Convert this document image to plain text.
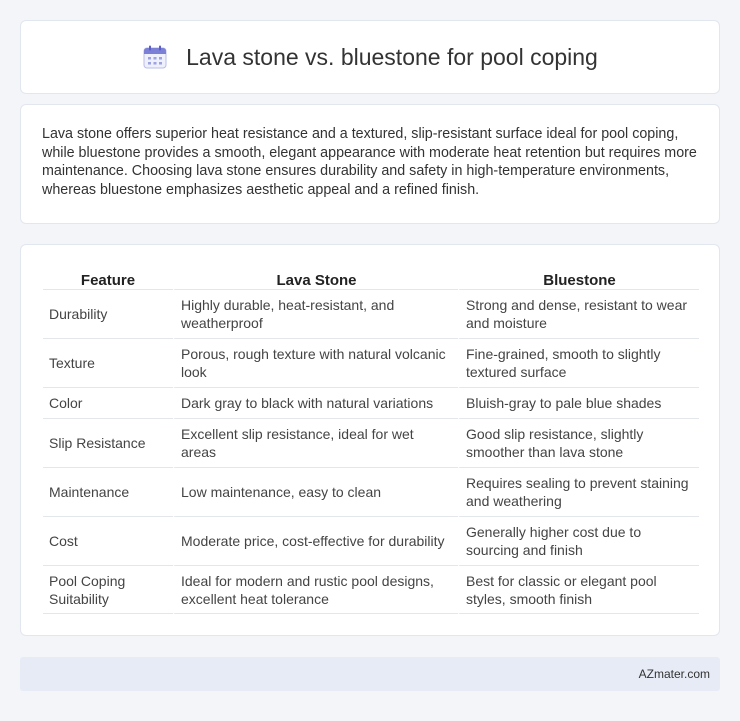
Lava stone vs. bluestone for pool coping

Lava stone offers superior heat resistance and a textured, slip-resistant surface ideal for pool coping, while bluestone provides a smooth, elegant appearance with moderate heat retention but requires more maintenance. Choosing lava stone ensures durability and safety in high-temperature environments, whereas bluestone emphasizes aesthetic appeal and a refined finish.

Feature	Lava Stone	Bluestone
Durability	Highly durable, heat-resistant, and weatherproof	Strong and dense, resistant to wear and moisture
Texture	Porous, rough texture with natural volcanic look	Fine-grained, smooth to slightly textured surface
Color	Dark gray to black with natural variations	Bluish-gray to pale blue shades
Slip Resistance	Excellent slip resistance, ideal for wet areas	Good slip resistance, slightly smoother than lava stone
Maintenance	Low maintenance, easy to clean	Requires sealing to prevent staining and weathering
Cost	Moderate price, cost-effective for durability	Generally higher cost due to sourcing and finish
Pool Coping Suitability	Ideal for modern and rustic pool designs, excellent heat tolerance	Best for classic or elegant pool styles, smooth finish
AZmater.com
